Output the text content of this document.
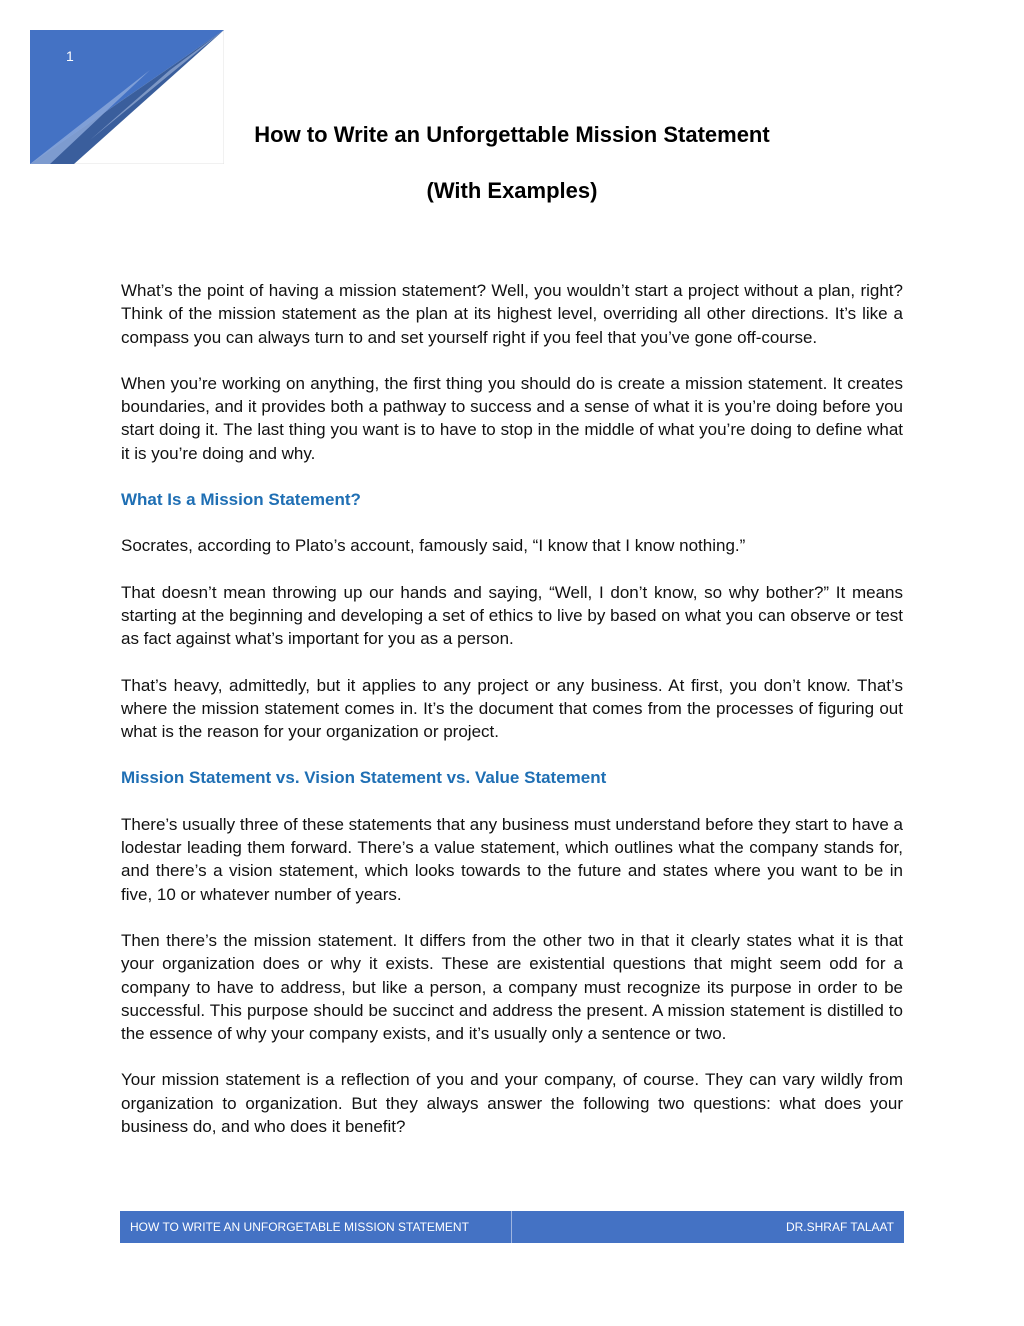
1
How to Write an Unforgettable Mission Statement
(With Examples)

What’s the point of having a mission statement? Well, you wouldn’t start a project without a plan, right? Think of the mission statement as the plan at its highest level, overriding all other directions. It’s like a compass you can always turn to and set yourself right if you feel that you’ve gone off-course.

When you’re working on anything, the first thing you should do is create a mission statement. It creates boundaries, and it provides both a pathway to success and a sense of what it is you’re doing before you start doing it. The last thing you want is to have to stop in the middle of what you’re doing to define what it is you’re doing and why.

What Is a Mission Statement?

Socrates, according to Plato’s account, famously said, “I know that I know nothing.”

That doesn’t mean throwing up our hands and saying, “Well, I don’t know, so why bother?” It means starting at the beginning and developing a set of ethics to live by based on what you can observe or test as fact against what’s important for you as a person.

That’s heavy, admittedly, but it applies to any project or any business. At first, you don’t know. That’s where the mission statement comes in. It’s the document that comes from the processes of figuring out what is the reason for your organization or project.

Mission Statement vs. Vision Statement vs. Value Statement

There’s usually three of these statements that any business must understand before they start to have a lodestar leading them forward. There’s a value statement, which outlines what the company stands for, and there’s a vision statement, which looks towards to the future and states where you want to be in five, 10 or whatever number of years.

Then there’s the mission statement. It differs from the other two in that it clearly states what it is that your organization does or why it exists. These are existential questions that might seem odd for a company to have to address, but like a person, a company must recognize its purpose in order to be successful. This purpose should be succinct and address the present. A mission statement is distilled to the essence of why your company exists, and it’s usually only a sentence or two.

Your mission statement is a reflection of you and your company, of course. They can vary wildly from organization to organization. But they always answer the following two questions: what does your business do, and who does it benefit?

HOW TO WRITE AN UNFORGETABLE MISSION STATEMENT	DR.SHRAF TALAAT
